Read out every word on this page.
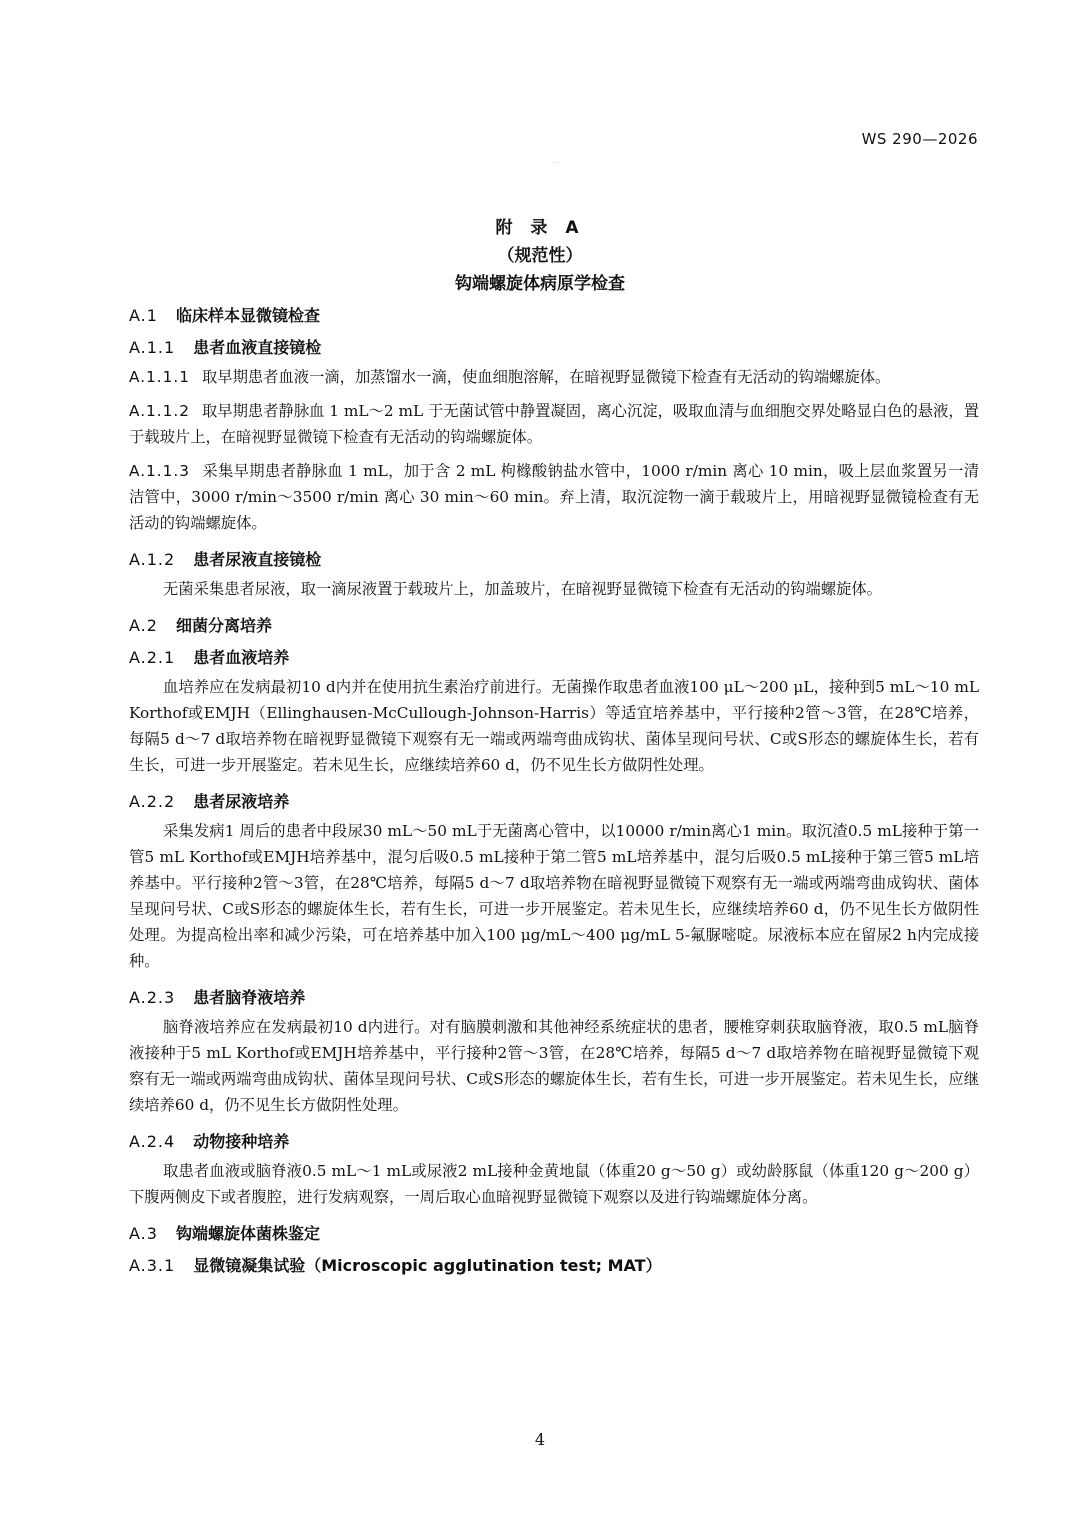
WS 290—2026
· ·
附 录 A
（规范性）
钩端螺旋体病原学检查
A.1 临床样本显微镜检查
A.1.1 患者血液直接镜检
A.1.1.1 取早期患者血液一滴，加蒸馏水一滴，使血细胞溶解，在暗视野显微镜下检查有无活动的钩端螺旋体。
A.1.1.2 取早期患者静脉血 1 mL～2 mL 于无菌试管中静置凝固，离心沉淀，吸取血清与血细胞交界处略显白色的悬液，置于载玻片上，在暗视野显微镜下检查有无活动的钩端螺旋体。
A.1.1.3 采集早期患者静脉血 1 mL，加于含 2 mL 枸橼酸钠盐水管中，1000 r/min 离心 10 min，吸上层血浆置另一清洁管中，3000 r/min～3500 r/min 离心 30 min～60 min。弃上清，取沉淀物一滴于载玻片上，用暗视野显微镜检查有无活动的钩端螺旋体。
A.1.2 患者尿液直接镜检
无菌采集患者尿液，取一滴尿液置于载玻片上，加盖玻片，在暗视野显微镜下检查有无活动的钩端螺旋体。
A.2 细菌分离培养
A.2.1 患者血液培养
血培养应在发病最初10 d内并在使用抗生素治疗前进行。无菌操作取患者血液100 μL～200 μL，接种到5 mL～10 mL Korthof或EMJH（Ellinghausen-McCullough-Johnson-Harris）等适宜培养基中，平行接种2管～3管，在28℃培养，每隔5 d～7 d取培养物在暗视野显微镜下观察有无一端或两端弯曲成钩状、菌体呈现问号状、C或S形态的螺旋体生长，若有生长，可进一步开展鉴定。若未见生长，应继续培养60 d，仍不见生长方做阴性处理。
A.2.2 患者尿液培养
采集发病1 周后的患者中段尿30 mL～50 mL于无菌离心管中，以10000 r/min离心1 min。取沉渣0.5 mL接种于第一管5 mL Korthof或EMJH培养基中，混匀后吸0.5 mL接种于第二管5 mL培养基中，混匀后吸0.5 mL接种于第三管5 mL培养基中。平行接种2管～3管，在28℃培养，每隔5 d～7 d取培养物在暗视野显微镜下观察有无一端或两端弯曲成钩状、菌体呈现问号状、C或S形态的螺旋体生长，若有生长，可进一步开展鉴定。若未见生长，应继续培养60 d，仍不见生长方做阴性处理。为提高检出率和减少污染，可在培养基中加入100 μg/mL～400 μg/mL 5-氟脲嘧啶。尿液标本应在留尿2 h内完成接种。
A.2.3 患者脑脊液培养
脑脊液培养应在发病最初10 d内进行。对有脑膜刺激和其他神经系统症状的患者，腰椎穿刺获取脑脊液，取0.5 mL脑脊液接种于5 mL Korthof或EMJH培养基中，平行接种2管～3管，在28℃培养，每隔5 d～7 d取培养物在暗视野显微镜下观察有无一端或两端弯曲成钩状、菌体呈现问号状、C或S形态的螺旋体生长，若有生长，可进一步开展鉴定。若未见生长，应继续培养60 d，仍不见生长方做阴性处理。
A.2.4 动物接种培养
取患者血液或脑脊液0.5 mL～1 mL或尿液2 mL接种金黄地鼠（体重20 g～50 g）或幼龄豚鼠（体重120 g～200 g）下腹两侧皮下或者腹腔，进行发病观察，一周后取心血暗视野显微镜下观察以及进行钩端螺旋体分离。
A.3 钩端螺旋体菌株鉴定
A.3.1 显微镜凝集试验（Microscopic agglutination test; MAT）
4
